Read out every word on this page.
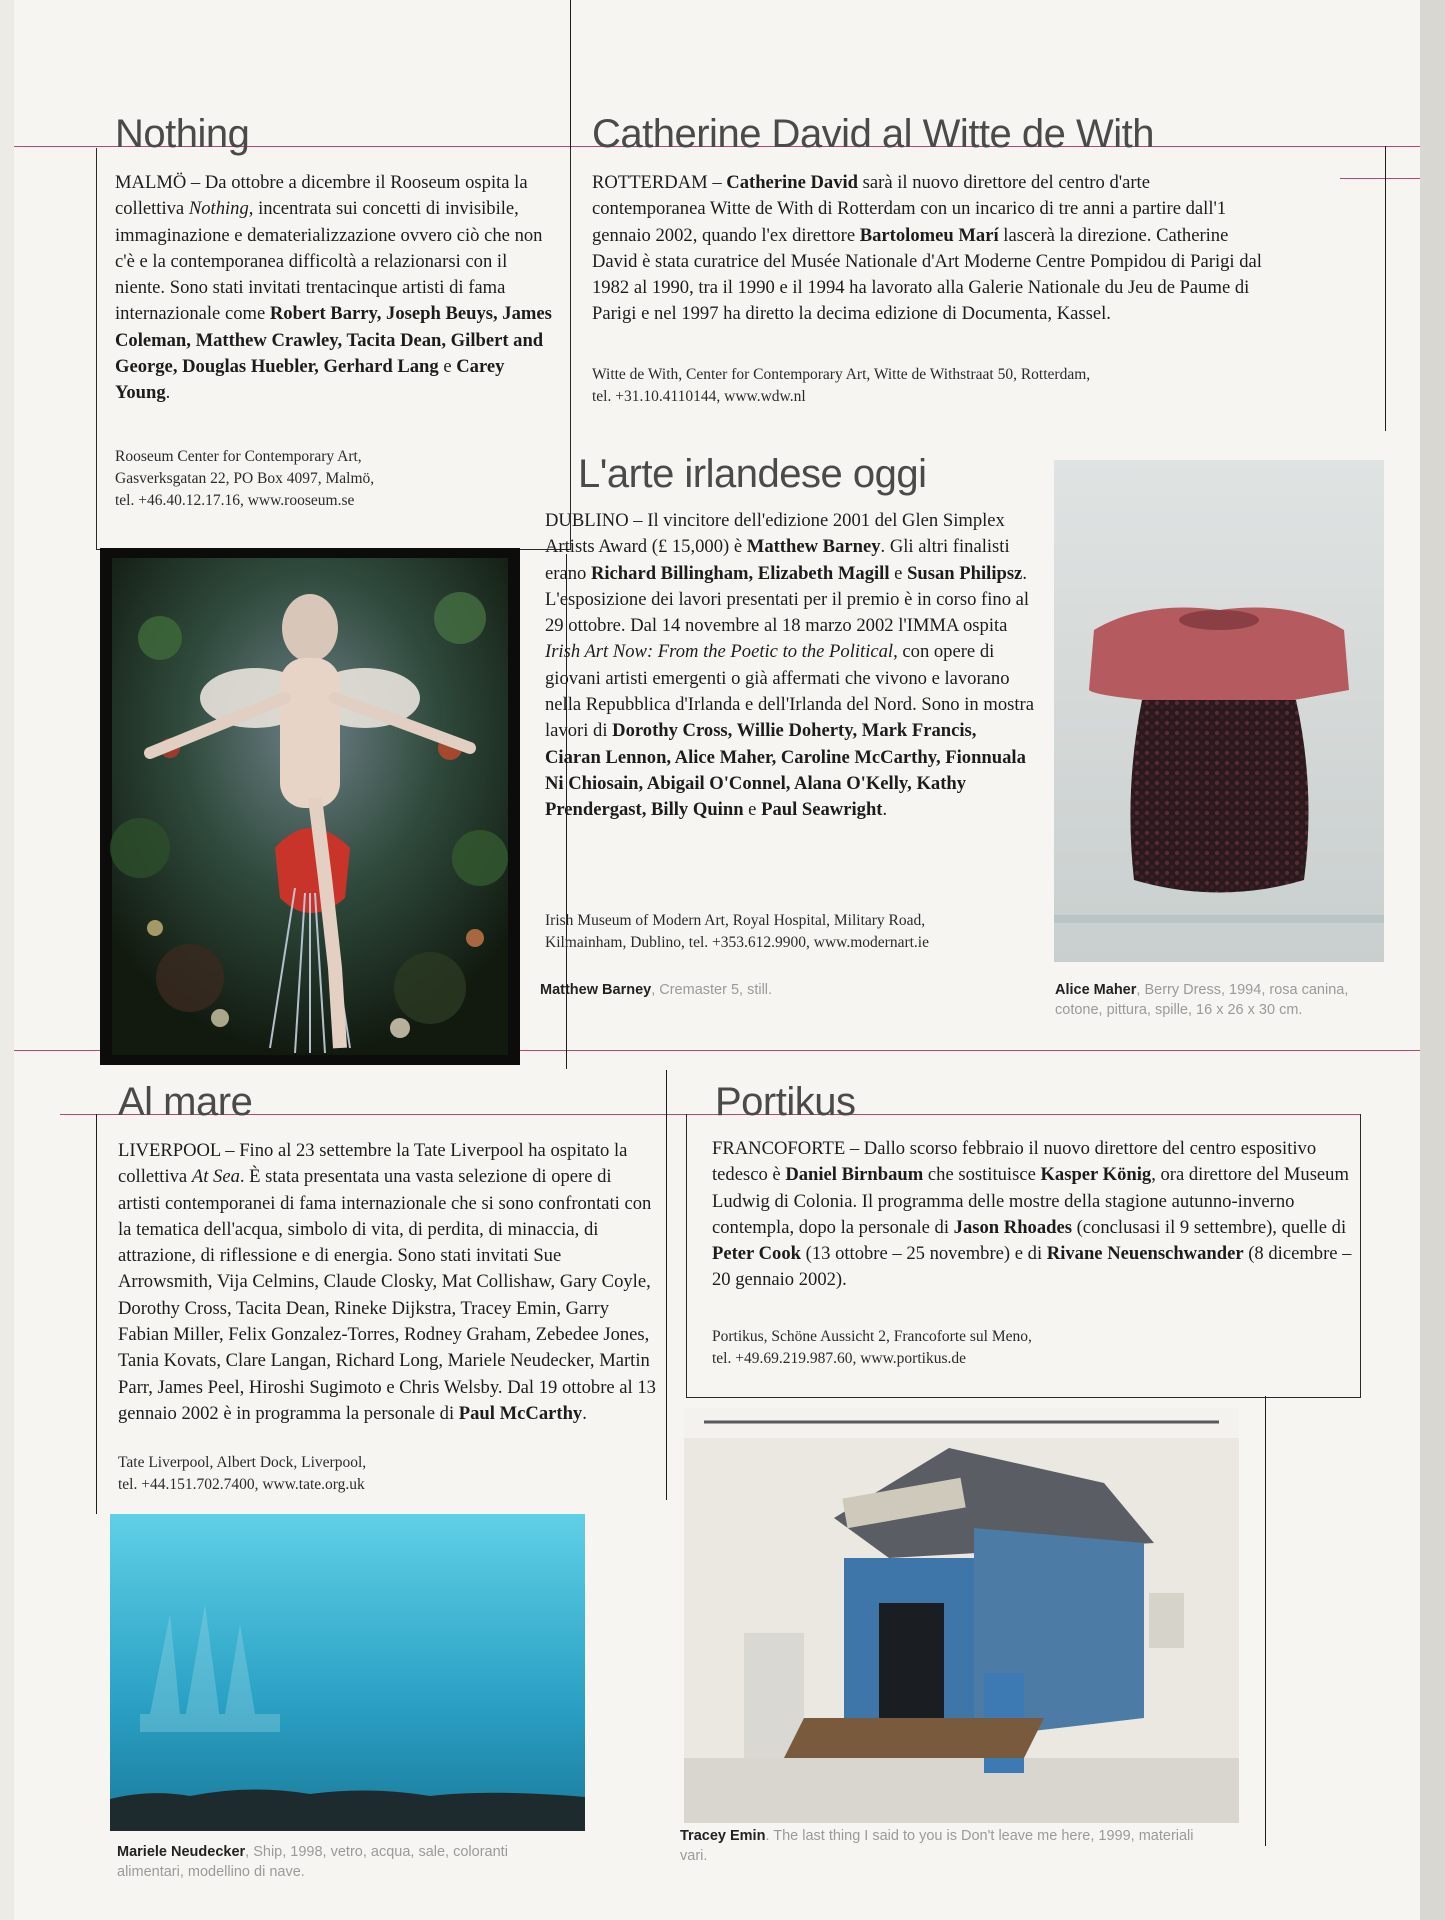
Nothing

MALMÖ – Da ottobre a dicembre il Rooseum ospita la collettiva Nothing, incentrata sui concetti di invisibile, immaginazione e dematerializzazione ovvero ciò che non c'è e la contemporanea difficoltà a relazionarsi con il niente. Sono stati invitati trentacinque artisti di fama internazionale come Robert Barry, Joseph Beuys, James Coleman, Matthew Crawley, Tacita Dean, Gilbert and George, Douglas Huebler, Gerhard Lang e Carey Young.

Rooseum Center for Contemporary Art,

Gasverksgatan 22, PO Box 4097, Malmö,

tel. +46.40.12.17.16, www.rooseum.se

Catherine David al Witte de With

ROTTERDAM – Catherine David sarà il nuovo direttore del centro d'arte contemporanea Witte de With di Rotterdam con un incarico di tre anni a partire dall'1 gennaio 2002, quando l'ex direttore Bartolomeu Marí lascerà la direzione. Catherine David è stata curatrice del Musée Nationale d'Art Moderne Centre Pompidou di Parigi dal 1982 al 1990, tra il 1990 e il 1994 ha lavorato alla Galerie Nationale du Jeu de Paume di Parigi e nel 1997 ha diretto la decima edizione di Documenta, Kassel.

Witte de With, Center for Contemporary Art, Witte de Withstraat 50, Rotterdam,

tel. +31.10.4110144, www.wdw.nl

L'arte irlandese oggi

DUBLINO – Il vincitore dell'edizione 2001 del Glen Simplex Artists Award (£ 15,000) è Matthew Barney. Gli altri finalisti erano Richard Billingham, Elizabeth Magill e Susan Philipsz. L'esposizione dei lavori presentati per il premio è in corso fino al 29 ottobre. Dal 14 novembre al 18 marzo 2002 l'IMMA ospita Irish Art Now: From the Poetic to the Political, con opere di giovani artisti emergenti o già affermati che vivono e lavorano nella Repubblica d'Irlanda e dell'Irlanda del Nord. Sono in mostra lavori di Dorothy Cross, Willie Doherty, Mark Francis, Ciaran Lennon, Alice Maher, Caroline McCarthy, Fionnuala Ni Chiosain, Abigail O'Connel, Alana O'Kelly, Kathy Prendergast, Billy Quinn e Paul Seawright.

Irish Museum of Modern Art, Royal Hospital, Military Road,

Kilmainham, Dublino, tel. +353.612.9900, www.modernart.ie

Al mare

LIVERPOOL – Fino al 23 settembre la Tate Liverpool ha ospitato la collettiva At Sea. È stata presentata una vasta selezione di opere di artisti contemporanei di fama internazionale che si sono confrontati con la tematica dell'acqua, simbolo di vita, di perdita, di minaccia, di attrazione, di riflessione e di energia. Sono stati invitati Sue Arrowsmith, Vija Celmins, Claude Closky, Mat Collishaw, Gary Coyle, Dorothy Cross, Tacita Dean, Rineke Dijkstra, Tracey Emin, Garry Fabian Miller, Felix Gonzalez-Torres, Rodney Graham, Zebedee Jones, Tania Kovats, Clare Langan, Richard Long, Mariele Neudecker, Martin Parr, James Peel, Hiroshi Sugimoto e Chris Welsby. Dal 19 ottobre al 13 gennaio 2002 è in programma la personale di Paul McCarthy.

Tate Liverpool, Albert Dock, Liverpool,

tel. +44.151.702.7400, www.tate.org.uk

Portikus

FRANCOFORTE – Dallo scorso febbraio il nuovo direttore del centro espositivo tedesco è Daniel Birnbaum che sostituisce Kasper König, ora direttore del Museum Ludwig di Colonia. Il programma delle mostre della stagione autunno-inverno contempla, dopo la personale di Jason Rhoades (conclusasi il 9 settembre), quelle di Peter Cook (13 ottobre – 25 novembre) e di Rivane Neuenschwander (8 dicembre – 20 gennaio 2002).

Portikus, Schöne Aussicht 2, Francoforte sul Meno,

tel. +49.69.219.987.60, www.portikus.de

Matthew Barney, Cremaster 5, still.	Alice Maher, Berry Dress, 1994, rosa canina, cotone, pittura, spille, 16 x 26 x 30 cm.
Mariele Neudecker, Ship, 1998, vetro, acqua, sale, coloranti alimentari, modellino di nave.
Tracey Emin. The last thing I said to you is Don't leave me here, 1999, materiali vari.
